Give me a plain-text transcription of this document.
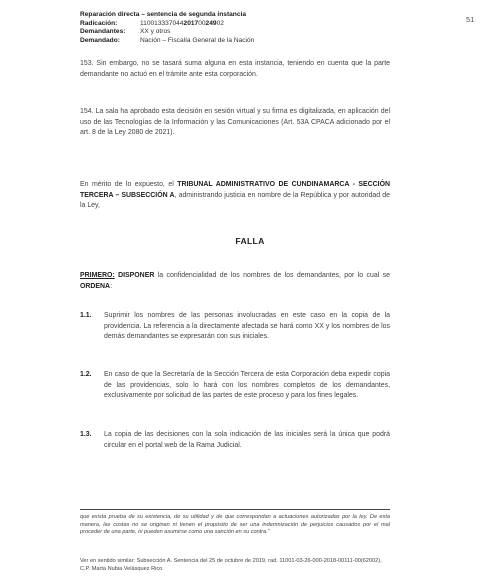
51
Reparación directa – sentencia de segunda instancia
Radicación:	11001333704420170024902
Demandantes:	XX y otros
Demandado:	Nación – Fiscalía General de la Nación

153. Sin embargo, no se tasará suma alguna en esta instancia, teniendo en cuenta que la parte demandante no actuó en el trámite ante esta corporación.

154. La sala ha aprobado esta decisión en sesión virtual y su firma es digitalizada, en aplicación del uso de las Tecnologías de la Información y las Comunicaciones (Art. 53A CPACA adicionado por el art. 8 de la Ley 2080 de 2021).

En mérito de lo expuesto, el TRIBUNAL ADMINISTRATIVO DE CUNDINAMARCA - SECCIÓN TERCERA – SUBSECCIÓN A, administrando justicia en nombre de la República y por autoridad de la Ley,

FALLA

PRIMERO: DISPONER la confidencialidad de los nombres de los demandantes, por lo cual se ORDENA:

1.1.	Suprimir los nombres de las personas involucradas en este caso en la copia de la providencia. La referencia a la directamente afectada se hará como XX y los nombres de los demás demandantes se expresarán con sus iniciales.
1.2.	En caso de que la Secretaría de la Sección Tercera de esta Corporación deba expedir copia de las providencias, solo lo hará con los nombres completos de los demandantes, exclusivamente por solicitud de las partes de este proceso y para los fines legales.
1.3.	La copia de las decisiones con la sola indicación de las iniciales será la única que podrá circular en el portal web de la Rama Judicial.

que exista prueba de su existencia, de su utilidad y de que correspondan a actuaciones autorizadas por la ley. De esta manera, las costas no se originan ni tienen el propósito de ser una indemnización de perjuicios causados por el mal proceder de una parte, ni pueden asumirse como una sanción en su contra.”

Ver en sentido similar: Subsección A. Sentencia del 25 de octubre de 2019, rad. 11001-03-26-000-2018-00111-00(62002), C.P. Marta Nubia Velásquez Rico.
